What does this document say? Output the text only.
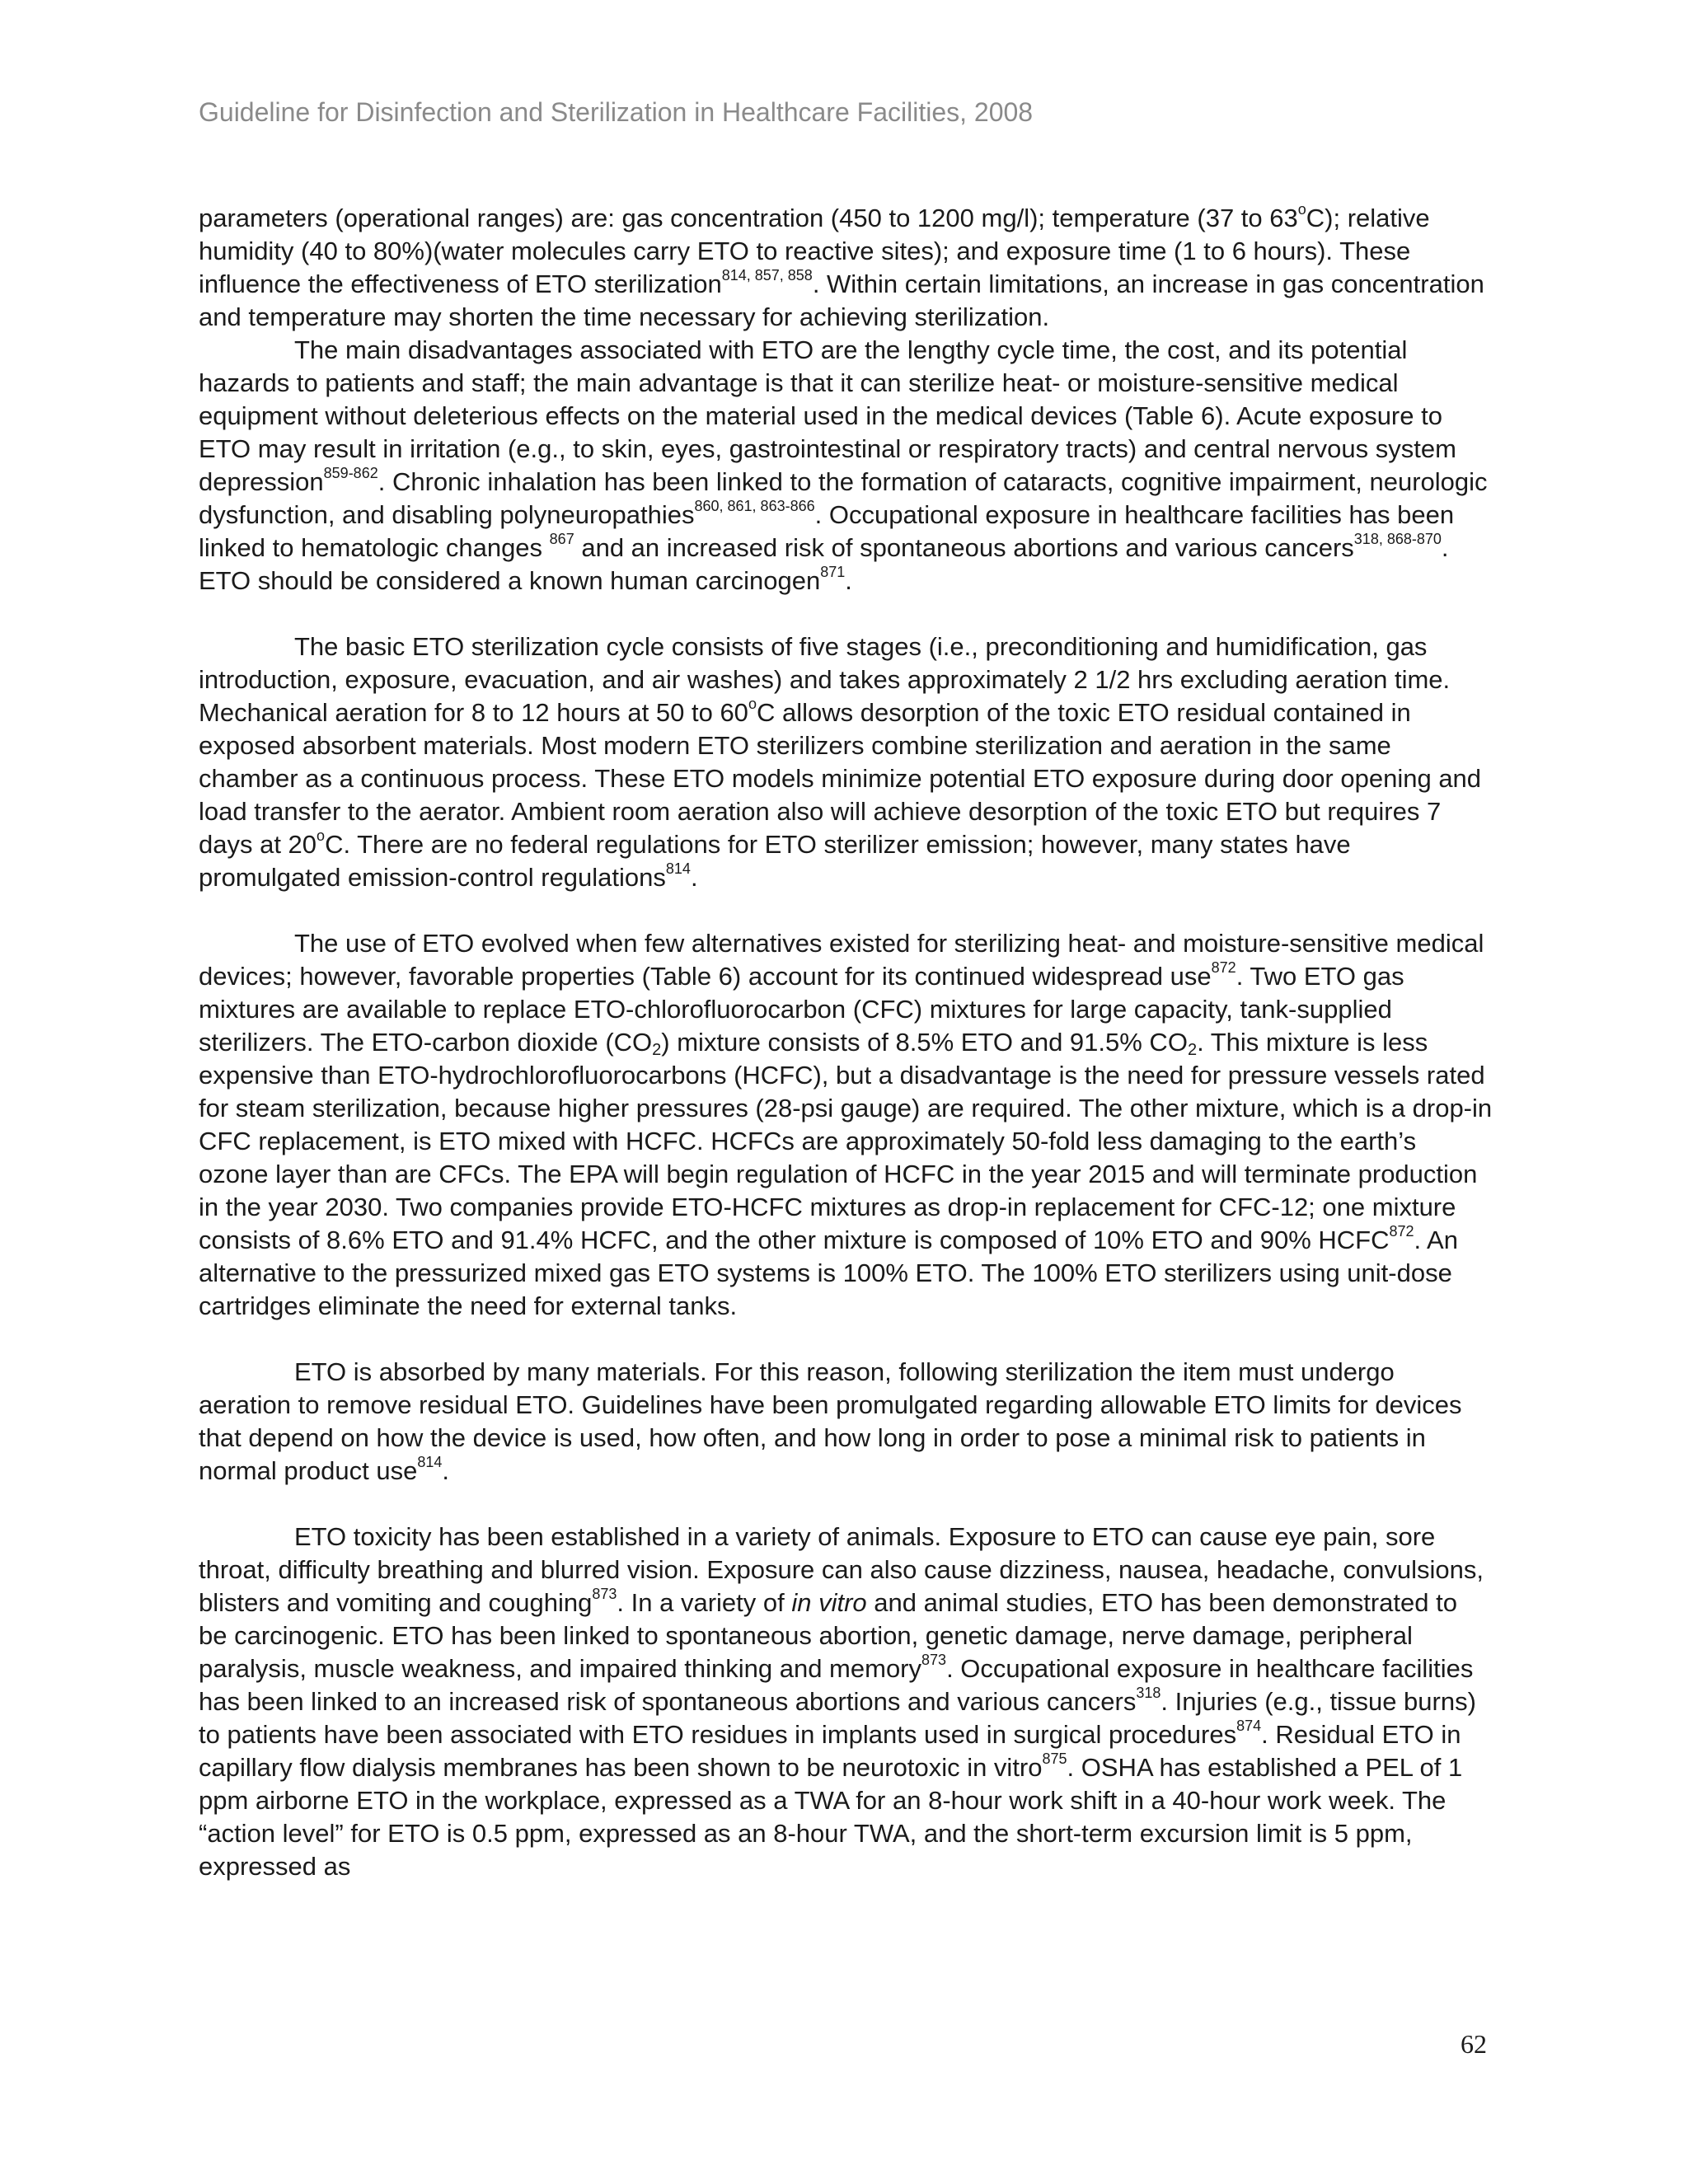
Guideline for Disinfection and Sterilization in Healthcare Facilities, 2008

parameters (operational ranges) are: gas concentration (450 to 1200 mg/l); temperature (37 to 63$^o$C); relative humidity (40 to 80%)(water molecules carry ETO to reactive sites); and exposure time (1 to 6 hours). These influence the effectiveness of ETO sterilization$^{814, 857, 858}$. Within certain limitations, an increase in gas concentration and temperature may shorten the time necessary for achieving sterilization.

The main disadvantages associated with ETO are the lengthy cycle time, the cost, and its potential hazards to patients and staff; the main advantage is that it can sterilize heat- or moisture-sensitive medical equipment without deleterious effects on the material used in the medical devices (Table 6). Acute exposure to ETO may result in irritation (e.g., to skin, eyes, gastrointestinal or respiratory tracts) and central nervous system depression$^{859-862}$. Chronic inhalation has been linked to the formation of cataracts, cognitive impairment, neurologic dysfunction, and disabling polyneuropathies$^{860, 861, 863-866}$. Occupational exposure in healthcare facilities has been linked to hematologic changes $^{867}$ and an increased risk of spontaneous abortions and various cancers$^{318, 868-870}$. ETO should be considered a known human carcinogen$^{871}$.

The basic ETO sterilization cycle consists of five stages (i.e., preconditioning and humidification, gas introduction, exposure, evacuation, and air washes) and takes approximately 2 1/2 hrs excluding aeration time. Mechanical aeration for 8 to 12 hours at 50 to 60$^o$C allows desorption of the toxic ETO residual contained in exposed absorbent materials. Most modern ETO sterilizers combine sterilization and aeration in the same chamber as a continuous process. These ETO models minimize potential ETO exposure during door opening and load transfer to the aerator. Ambient room aeration also will achieve desorption of the toxic ETO but requires 7 days at 20$^o$C. There are no federal regulations for ETO sterilizer emission; however, many states have promulgated emission-control regulations$^{814}$.

The use of ETO evolved when few alternatives existed for sterilizing heat- and moisture-sensitive medical devices; however, favorable properties (Table 6) account for its continued widespread use$^{872}$. Two ETO gas mixtures are available to replace ETO-chlorofluorocarbon (CFC) mixtures for large capacity, tank-supplied sterilizers. The ETO-carbon dioxide $(CO_2)$ mixture consists of 8.5% ETO and 91.5% $CO_2$. This mixture is less expensive than ETO-hydrochlorofluorocarbons (HCFC), but a disadvantage is the need for pressure vessels rated for steam sterilization, because higher pressures (28-psi gauge) are required. The other mixture, which is a drop-in CFC replacement, is ETO mixed with HCFC. HCFCs are approximately 50-fold less damaging to the earth’s ozone layer than are CFCs. The EPA will begin regulation of HCFC in the year 2015 and will terminate production in the year 2030. Two companies provide ETO-HCFC mixtures as drop-in replacement for CFC-12; one mixture consists of 8.6% ETO and 91.4% HCFC, and the other mixture is composed of 10% ETO and 90% HCFC$^{872}$. An alternative to the pressurized mixed gas ETO systems is 100% ETO. The 100% ETO sterilizers using unit-dose cartridges eliminate the need for external tanks.

ETO is absorbed by many materials. For this reason, following sterilization the item must undergo aeration to remove residual ETO. Guidelines have been promulgated regarding allowable ETO limits for devices that depend on how the device is used, how often, and how long in order to pose a minimal risk to patients in normal product use$^{814}$.

ETO toxicity has been established in a variety of animals. Exposure to ETO can cause eye pain, sore throat, difficulty breathing and blurred vision. Exposure can also cause dizziness, nausea, headache, convulsions, blisters and vomiting and coughing$^{873}$. In a variety of in vitro and animal studies, ETO has been demonstrated to be carcinogenic. ETO has been linked to spontaneous abortion, genetic damage, nerve damage, peripheral paralysis, muscle weakness, and impaired thinking and memory$^{873}$. Occupational exposure in healthcare facilities has been linked to an increased risk of spontaneous abortions and various cancers$^{318}$. Injuries (e.g., tissue burns) to patients have been associated with ETO residues in implants used in surgical procedures$^{874}$. Residual ETO in capillary flow dialysis membranes has been shown to be neurotoxic in vitro$^{875}$. OSHA has established a PEL of 1 ppm airborne ETO in the workplace, expressed as a TWA for an 8-hour work shift in a 40-hour work week. The “action level” for ETO is 0.5 ppm, expressed as an 8-hour TWA, and the short-term excursion limit is 5 ppm, expressed as

62
